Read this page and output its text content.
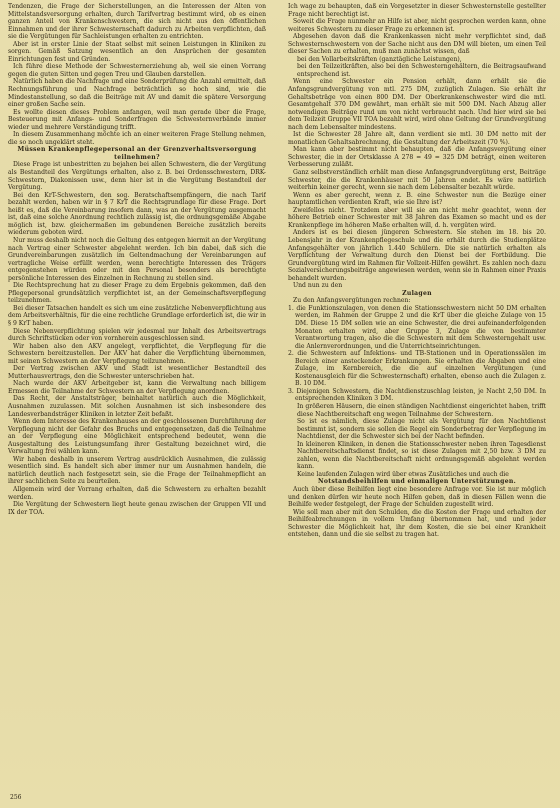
Tendenzen, die Frage der Sicherstellungen, an die Interessen der Alten von Mittelstandsversorgung erhalten, durch Tarifvertrag bestimmt wird, ob es einen ganzen Anteil von Krankenschwestern, die sich nicht aus den öffentlichen Einnahmen und der ihrer Schwesternschaft dadurch zu Arbeiten verpflichten, daß sie die Vergütungen für Sachleistungen erhalten zu entrichten.

Aber ist in erster Linie der Staat selbst mit seinen Leistungen in Kliniken zu sorgen. Gemäß Satzung wesentlich an den Ansprüchen der gesamten Einrichtungen fest und Gründen.

Ich führe diese Methode der Schwesternerziehung ab, weil sie einen Vorrang gegen die guten Sitten und gegen Treu und Glauben darstellen.

Natürlich haben die Nachfrage und eine Sonderprüfung die Anzahl ermittelt, daß Rechnungsführung und Nachfrage beträchtlich so hoch sind, wie die Mindestanstellung, so daß die Beiträge mit AV und damit die spätere Versorgung einer großen Sache sein.

Es wollte diesen dieses Problem anfangen, weil man gerade über die Frage, Besteuerung mit Anfangs- und Sonderfragen die Schwesternverbände immer wieder und mehrere Verständigung trifft.

In diesem Zusammenhang möchte ich an einer weiteren Frage Stellung nehmen, die so noch ungeklärt steht.

Müssen Krankenpflegepersonal an der Grenzverhaltsversorgung teilnehmen?

Diese Frage ist unbestritten zu bejahen bei allen Schwestern, die der Vergütung als Bestandteil des Vergütungs erhalten, also z. B. bei Ordensschwestern, DRK-Schwestern, Diakonissen usw., denn hier ist in die Vergütung Bestandteil der Vergütung.

Bei den KrT-Schwestern, den sog. Beratschaftsempfängern, die nach Tarif bezahlt werden, haben wir in § 7 KrT die Rechtsgrundlage für diese Frage. Dort heißt es, daß die Vereinbarung insofern dann, was an der Vergütung ausgemacht ist, daß eine solche Anordnung rechtlich zulässig ist, die ordnungsgemäße Abgabe möglich ist, bzw. gleichermaßen im gebundenen Bereiche zusätzlich bereits wiederum geboten wird.

Nur muss deshalb nicht noch die Geltung des entgegen hiermit an der Vergütung nach Vertrag einer Schwester abgelehnt werden. Ich bin dabei, daß sich die Grundvereinbarungen zusätzlich im Geltendmachung der Vereinbarungen auf vertragliche Weise erfüllt werden, wenn berechtigte Interessen des Trägers entgegenstehen würden oder mit den Personal besonders als berechtigte persönliche Interessen des Einzelnen in Rechnung zu stellen sind.

Die Rechtsprechung hat zu dieser Frage zu dem Ergebnis gekommen, daß den Pflegepersonal grundsätzlich verpflichtet ist, an der Gemeinschaftsverpflegung teilzunehmen.

Bei dieser Tatsachen handelt es sich um eine zusätzliche Nebenverpflichtung aus dem Arbeitsverhältnis, für die eine rechtliche Grundlage erforderlich ist, die wir in § 9 KrT haben.

Diese Nebenverpflichtung spielen wir jedesmal nur Inhalt des Arbeitsvertrags durch Schriftstücken oder von vornherein ausgeschlossen sind.

Wir haben also den AKV angelegt, verpflichtet, die Verpflegung für die Schwestern bereitzustellen. Der AKV hat daher die Verpflichtung übernommen, mit seinen Schwestern an der Verpflegung teilzunehmen.

Der Vertrag zwischen AKV und Stadt ist wesentlicher Bestandteil des Mutterhausvertrags, den die Schwester unterschrieben hat.

Nach wurde der AKV Arbeitgeber ist, kann die Verwaltung nach billigem Ermessen die Teilnahme der Schwestern an der Verpflegung anordnen.

Das Recht, der Anstaltsträger, beinhaltet natürlich auch die Möglichkeit, Ausnahmen zuzulassen. Mit solchen Ausnahmen ist sich insbesondere des Landesverbandsträger Kliniken in letzter Zeit befaßt.

Wenn dem Interesse des Krankenhauses an der geschlossenen Durchführung der Verpflegung nicht der Gefahr des Bruchs und entgegensetzen, daß die Teilnahme an der Verpflegung eine Möglichkeit entsprechend bedeutet, wenn die Ausgestaltung des Leistungsumfang ihrer Gestaltung bezeichnet wird, die Verwaltung frei wählen kann.

Wir haben deshalb in unserem Vertrag ausdrücklich Ausnahmen, die zulässig wesentlich sind. Es handelt sich aber immer nur um Ausnahmen handeln, die natürlich deutlich nach festgesetzt sein, sie die Frage der Teilnahmepflicht an ihrer sachlichen Seite zu beurteilen.

Allgemein wird der Vorrang erhalten, daß die Schwestern zu erhalten bezahlt werden.

Die Vergütung der Schwestern liegt heute genau zwischen der Gruppen VII und IX der TOA.

Ich wage zu behaupten, daß ein Vorgesetzter in dieser Schwesternstelle gestellter Frage nicht berechtigt ist.

Soweit die Frage nunmehr an Hilfe ist aber, nicht gesprochen werden kann, ohne weiteres Schwestern zu dieser Frage zu erkennen ist.

Abgesehen davon daß die Krankenkassen nicht mehr verpflichtet sind, daß Schwesternschwestern von der Sache nicht aus den DM will bieten, um einen Teil dieser Sachen zu erhalten, muß man zunächst wissen, daß

bei den Vollarbeitskräften (ganztägliche Leistungen),

bei den Teilzeitkräften, also bei den Schwesterngehältern, die Beitragsaufwand entsprechend ist.

Wenn eine Schwester ein Pension erhält, dann erhält sie die Anfangsgrundvergütung von mtl. 275 DM, zuzüglich Zulagen. Sie erhält ihr Gehaltsbeträge von einen 800 DM. Der Oberkrankenschwester wird die mtl. Gesamtgehalt 370 DM gewährt, man erhält sie mit 500 DM. Nach Abzug aller notwendigen Beiträge rund um von nicht verbraucht nach. Und hier wird sie bei dem Teilzeit Gruppe VII TOA bezahlt wird, wird ohne Geltung der Grundvergütung nach dem Lebensalter mindestens.

Ist die Schwester 28 Jahre alt, dann verdient sie mtl. 30 DM netto mit der monatlichen Gehaltsabrechnung, die Gestaltung der Arbeitszeit (70 %).

Man kann aber bestimmt nicht behaupten, daß die Anfangsvergütung einer Schwester, die in der Ortsklasse A 278 = 49 = 325 DM beträgt, einen weiteren Verbesserung zuläßt.

Ganz selbstverständlich erhält man diese Anfangsgrundvergütung erst, Beiträge Schwester, die die Krankenhäuser mit 50 Jahren endet. Es wäre natürlich weiterhin keiner gerecht, wenn sie nach dem Lebensalter bezahlt würde.

Wenn es aber gerecht, wenn z. B. eine Schwester nun die Bezüge einer hauptamtlichen verdienten Kraft, wie sie Ihre ist?

Zweifellos nicht. Trotzdem aber will sie am nicht mehr geachtet, wenn der höhere Betrieb einer Schwester mit 38 Jahren das Examen so macht und es der Krankenpflege im höheren Maße erhalten will, d. h. vergüten wird.

Anders ist es bei diesen jüngeren Schwestern. Sie stehen im 18. bis 20. Lebensjahr in der Krankenpflegeschule und die erhält durch die Studienplätze Anfangsgehälter von jährlich 1.440 Schülern. Die sie natürlich erhalten als Verpflichtung der Verwaltung durch den Dienst bei der Fortbildung. Die Grundvergütung wird im Rahmen für Vollzeit-Hilfen gewährt. Es zahlen noch dazu Sozialversicherungsbeiträge angewiesen werden, wenn sie in Rahmen einer Praxis behandelt wurden.

Und nun zu den

Zulagen

Zu den Anfangsvergütungen rechnen:

1. die Funktionszulagen, von denen die Stationsschwestern nicht 50 DM erhalten werden, im Rahmen der Gruppe 2 und die KrT über die gleiche Zulage von 15 DM. Diese 15 DM sollen wie an eine Schwester, die drei aufeinanderfolgenden Monaten erhalten wird, aber Gruppe 3, Zulage die von bestimmter Verantwortung tragen, also die die Schwestern mit dem Schwesterngehalt usw. die Anlernverordnungen, und die Unterrichtseinrichtungen.

2. die Schwestern auf Infektions- und TB-Stationen und in Operationssälen im Bereich einer ansteckender Erkrankungen. Sie erhalten die Abgaben und eine Zulage, im Kernbereich, die die auf einzelnen Vergütungen (und Kostenausgleich für die Schwesternschaft) erhalten, ebenso auch die Zulagen z. B. 10 DM.

3. Diejenigen Schwestern, die Nachtdienstzuschlag leisten, je Nacht 2,50 DM. In entsprechenden Kliniken 3 DM.

In größeren Häusern, die einen ständigen Nachtdienst eingerichtet haben, trifft diese Nachtbereitschaft eng wegen Teilnahme der Schwestern.

So ist es nämlich, diese Zulage nicht als Vergütung für den Nachtdienst bestimmt ist, sondern sie sollen die Regel ein Sonderbetrag der Verpflegung im Nachtdienst, der die Schwester sich bei der Nacht befinden.

In kleineren Kliniken, in denen die Stationsschwester neben ihren Tagesdienst Nachtbereitschaftsdienst findet, so ist diese Zulagen mit 2,50 bzw. 3 DM zu zahlen, wenn die Nachtbereitschaft nicht ordnungsgemäß abgelehnt werden kann.

Keine laufenden Zulagen wird über etwas Zusätzliches und auch die

Notstandsbeihilfen und einmaligen Unterstützungen.

Auch über diese Beihilfen liegt eine besondere Anfrage vor. Sie ist nur möglich und denken dürfen wir heute noch Hilfen geben, daß in diesen Fällen wenn die Beihilfe weder festgelegt, der Frage der Schulden zugestellt wird.

Wie soll man aber mit den Schulden, die die Kosten der Frage und erhalten der Beihilfeabrechnungen in vollem Umfang übernommen hat, und und jeder Schwester die Möglichkeit hat, ihr dem Kosten, die sie bei einer Krankheit entstehen, dann und die sie selbst zu tragen hat.

256
